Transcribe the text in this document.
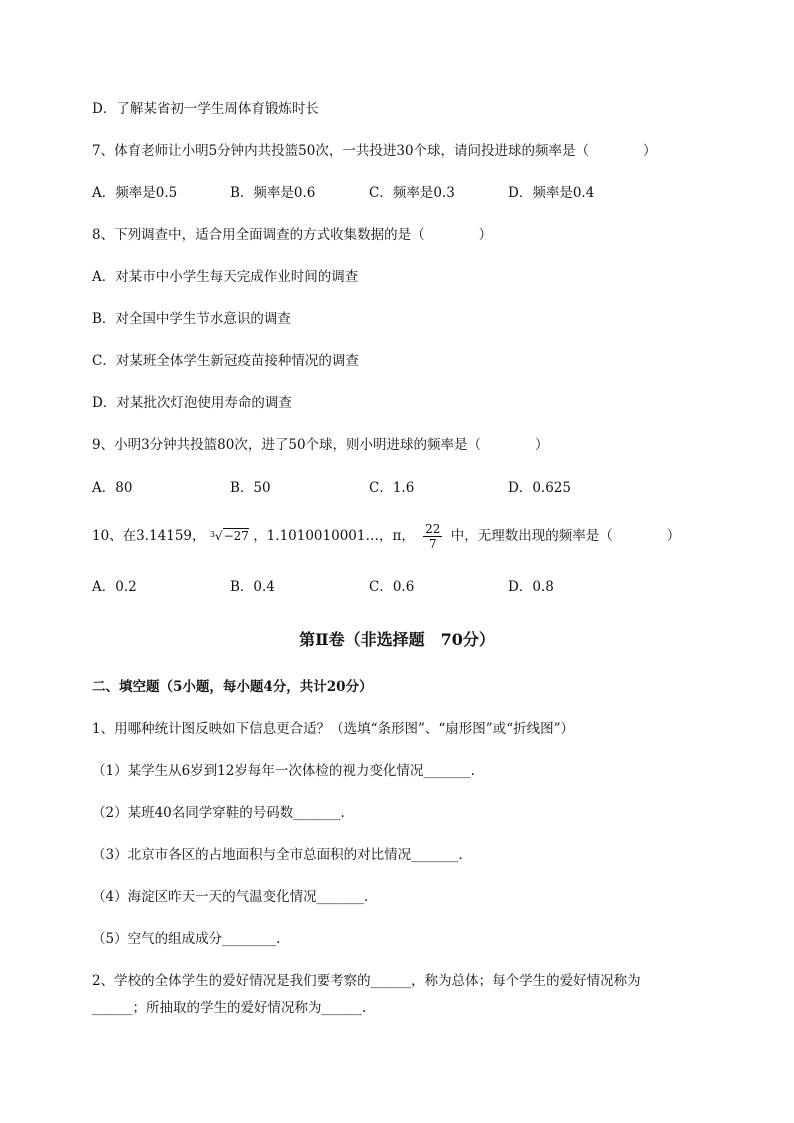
D．了解某省初一学生周体育锻炼时长
7、体育老师让小明5分钟内共投篮50次，一共投进30个球，请问投进球的频率是（　　　　）
A．频率是0.5	B．频率是0.6	C．频率是0.3	D．频率是0.4
8、下列调查中，适合用全面调查的方式收集数据的是（　　　　）
A．对某市中小学生每天完成作业时间的调查
B．对全国中学生节水意识的调查
C．对某班全体学生新冠疫苗接种情况的调查
D．对某批次灯泡使用寿命的调查
9、小明3分钟共投篮80次，进了50个球，则小明进球的频率是（　　　　）
A．80	B．50	C．1.6	D．0.625
10、在3.14159， $^3$√−27 ，1.1010010001…，π， $\frac{22}{7}$ 中，无理数出现的频率是（　　　　）
A．0.2	B．0.4	C．0.6	D．0.8
第Ⅱ卷（非选择题　70分）
二、填空题（5小题，每小题4分，共计20分）
1、用哪种统计图反映如下信息更合适？（选填“条形图”、“扇形图”或“折线图”）
（1）某学生从6岁到12岁每年一次体检的视力变化情况_______.
（2）某班40名同学穿鞋的号码数_______.
（3）北京市各区的占地面积与全市总面积的对比情况_______.
（4）海淀区昨天一天的气温变化情况_______.
（5）空气的组成成分________.
2、学校的全体学生的爱好情况是我们要考察的______，称为总体；每个学生的爱好情况称为
______；所抽取的学生的爱好情况称为______.
